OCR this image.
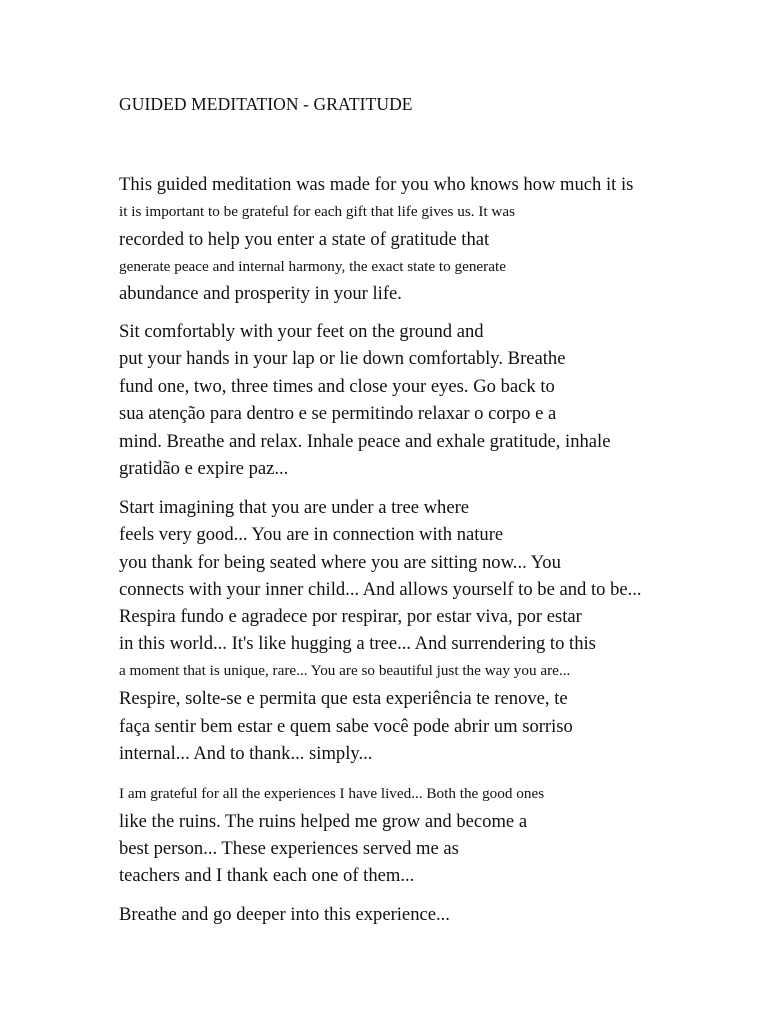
GUIDED MEDITATION - GRATITUDE
This guided meditation was made for you who knows how much it is
it is important to be grateful for each gift that life gives us. It was
recorded to help you enter a state of gratitude that
generate peace and internal harmony, the exact state to generate
abundance and prosperity in your life.
Sit comfortably with your feet on the ground and
put your hands in your lap or lie down comfortably. Breathe
fund one, two, three times and close your eyes. Go back to
sua atenção para dentro e se permitindo relaxar o corpo e a
mind. Breathe and relax. Inhale peace and exhale gratitude, inhale
gratidão e expire paz...
Start imagining that you are under a tree where
feels very good... You are in connection with nature
you thank for being seated where you are sitting now... You
connects with your inner child... And allows yourself to be and to be...
Respira fundo e agradece por respirar, por estar viva, por estar
in this world... It's like hugging a tree... And surrendering to this
a moment that is unique, rare... You are so beautiful just the way you are...
Respire, solte-se e permita que esta experiência te renove, te
faça sentir bem estar e quem sabe você pode abrir um sorriso
internal... And to thank... simply...
I am grateful for all the experiences I have lived... Both the good ones
like the ruins. The ruins helped me grow and become a
best person... These experiences served me as
teachers and I thank each one of them...
Breathe and go deeper into this experience...
